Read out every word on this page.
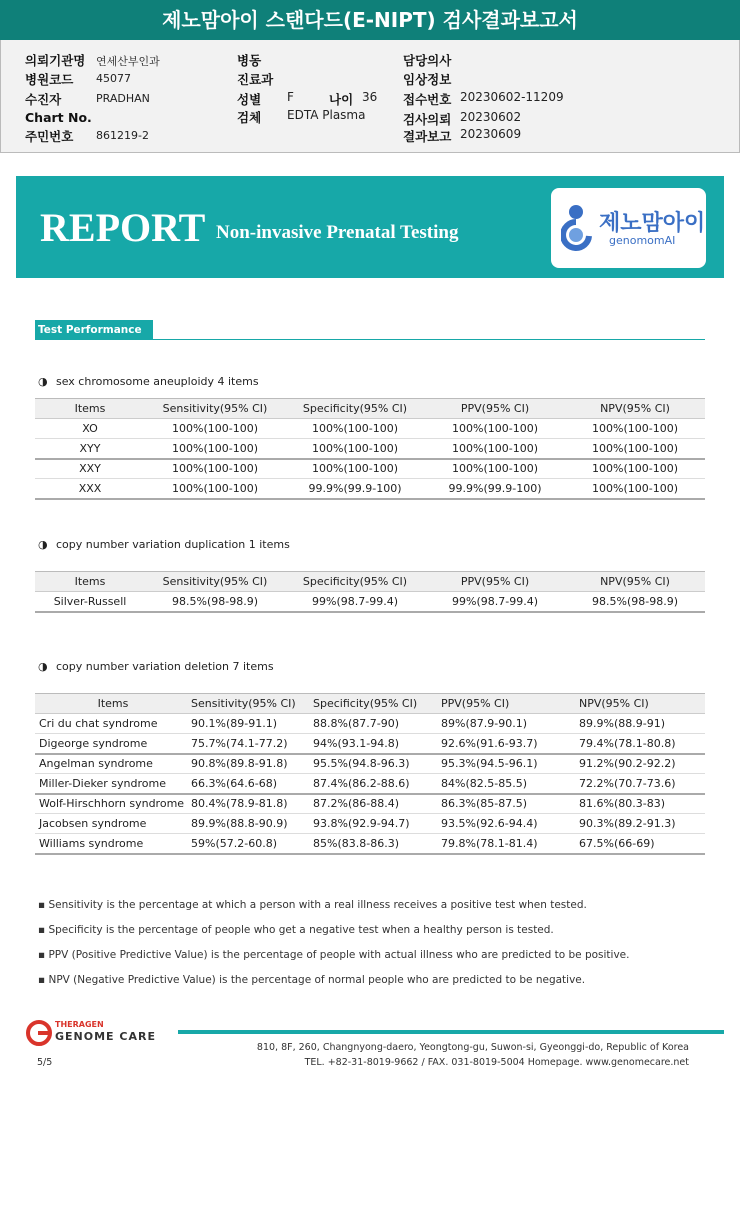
제노맘아이 스탠다드(E-NIPT) 검사결과보고서
의뢰기관명 연세산부인과
병원코드 45077
수진자	PRADHAN
Chart No.
주민번호 861219-2
병동
진료과
성별 F	나이 36
검체 EDTA Plasma
담당의사
임상정보
접수번호 20230602-11209
검사의뢰 20230602
결과보고 20230609
REPORT Non-invasive Prenatal Testing	제노맘아이
genomomAI
Test Performance
◑ sex chromosome aneuploidy 4 items
Items	Sensitivity(95% CI)	Specificity(95% CI)	PPV(95% CI)	NPV(95% CI)
XO	100%(100-100)	100%(100-100)	100%(100-100)	100%(100-100)
XYY	100%(100-100)	100%(100-100)	100%(100-100)	100%(100-100)
XXY	100%(100-100)	100%(100-100)	100%(100-100)	100%(100-100)
XXX	100%(100-100)	99.9%(99.9-100)	99.9%(99.9-100)	100%(100-100)
◑ copy number variation duplication 1 items
Items	Sensitivity(95% CI)	Specificity(95% CI)	PPV(95% CI)	NPV(95% CI)
Silver-Russell	98.5%(98-98.9)	99%(98.7-99.4)	99%(98.7-99.4)	98.5%(98-98.9)
◑ copy number variation deletion 7 items
Items	Sensitivity(95% CI)	Specificity(95% CI)	PPV(95% CI)	NPV(95% CI)
Cri du chat syndrome	90.1%(89-91.1)	88.8%(87.7-90)	89%(87.9-90.1)	89.9%(88.9-91)
Digeorge syndrome	75.7%(74.1-77.2)	94%(93.1-94.8)	92.6%(91.6-93.7)	79.4%(78.1-80.8)
Angelman syndrome	90.8%(89.8-91.8)	95.5%(94.8-96.3)	95.3%(94.5-96.1)	91.2%(90.2-92.2)
Miller-Dieker syndrome	66.3%(64.6-68)	87.4%(86.2-88.6)	84%(82.5-85.5)	72.2%(70.7-73.6)
Wolf-Hirschhorn syndrome	80.4%(78.9-81.8)	87.2%(86-88.4)	86.3%(85-87.5)	81.6%(80.3-83)
Jacobsen syndrome	89.9%(88.8-90.9)	93.8%(92.9-94.7)	93.5%(92.6-94.4)	90.3%(89.2-91.3)
Williams syndrome	59%(57.2-60.8)	85%(83.8-86.3)	79.8%(78.1-81.4)	67.5%(66-69)
▪ Sensitivity is the percentage at which a person with a real illness receives a positive test when tested.
▪ Specificity is the percentage of people who get a negative test when a healthy person is tested.
▪ PPV (Positive Predictive Value) is the percentage of people with actual illness who are predicted to be positive.
▪ NPV (Negative Predictive Value) is the percentage of normal people who are predicted to be negative.
THERAGEN
GENOME CARE
810, 8F, 260, Changnyong-daero, Yeongtong-gu, Suwon-si, Gyeonggi-do, Republic of Korea
TEL. +82-31-8019-9662 / FAX. 031-8019-5004 Homepage. www.genomecare.net
5/5
